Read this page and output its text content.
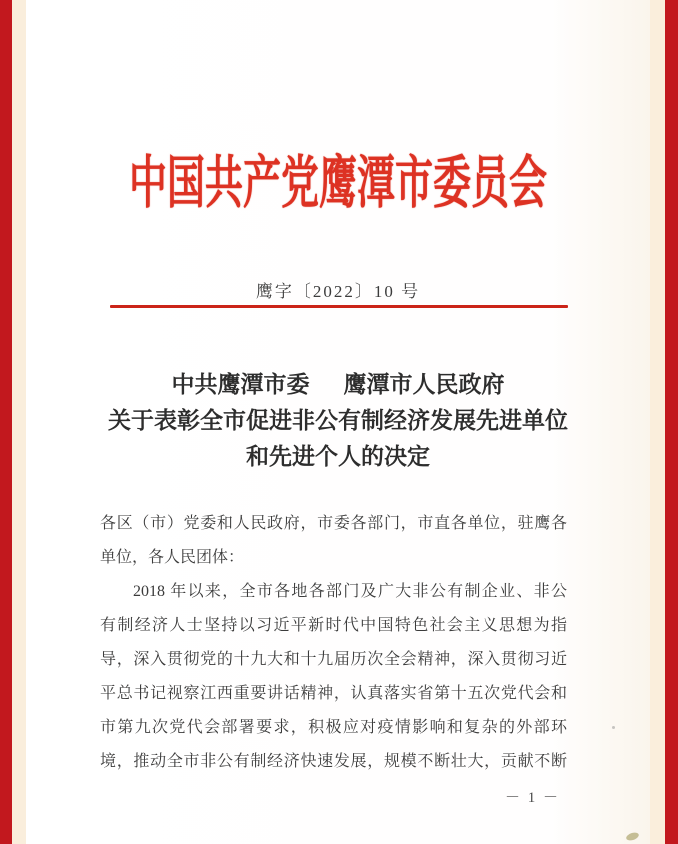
中国共产党鹰潭市委员会
鹰字〔2022〕10 号
中共鹰潭市委 鹰潭市人民政府
关于表彰全市促进非公有制经济发展先进单位
和先进个人的决定
各区（市）党委和人民政府，市委各部门，市直各单位，驻鹰各
单位，各人民团体：
2018 年以来，全市各地各部门及广大非公有制企业、非公
有制经济人士坚持以习近平新时代中国特色社会主义思想为指
导，深入贯彻党的十九大和十九届历次全会精神，深入贯彻习近
平总书记视察江西重要讲话精神，认真落实省第十五次党代会和
市第九次党代会部署要求，积极应对疫情影响和复杂的外部环
境，推动全市非公有制经济快速发展，规模不断壮大，贡献不断
－ 1 －
